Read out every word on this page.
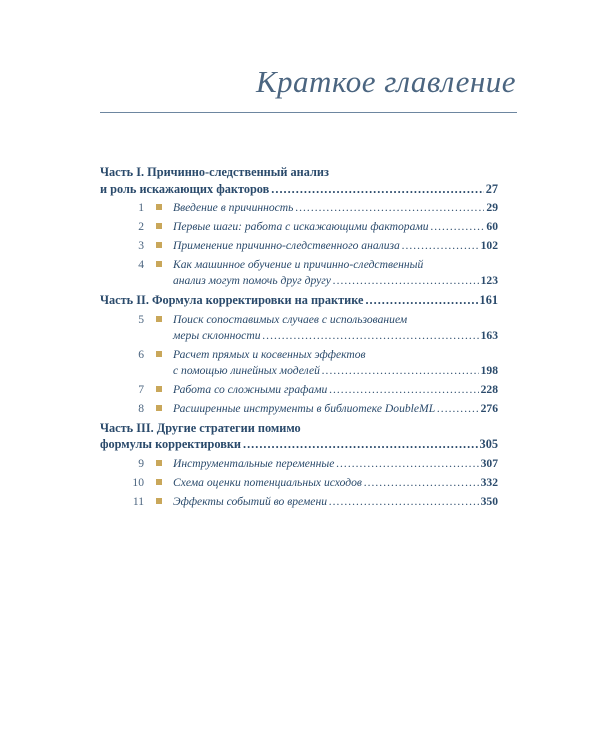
Краткое главление
Часть I. Причинно-следственный анализ
и роль искажающих факторов .....	27
1	Введение в причинность .....	29
2	Первые шаги: работа с искажающими факторами .....	60
3	Применение причинно-следственного анализа .....	102
4	Как машинное обучение и причинно-следственный
анализ могут помочь друг другу .....	123
Часть II. Формула корректировки на практике .....	161
5	Поиск сопоставимых случаев с использованием
меры склонности .....	163
6	Расчет прямых и косвенных эффектов
с помощью линейных моделей .....	198
7	Работа со сложными графами .....	228
8	Расширенные инструменты в библиотеке DoubleML .....	276
Часть III. Другие стратегии помимо
формулы корректировки .....	305
9	Инструментальные переменные .....	307
10	Схема оценки потенциальных исходов .....	332
11	Эффекты событий во времени .....	350
